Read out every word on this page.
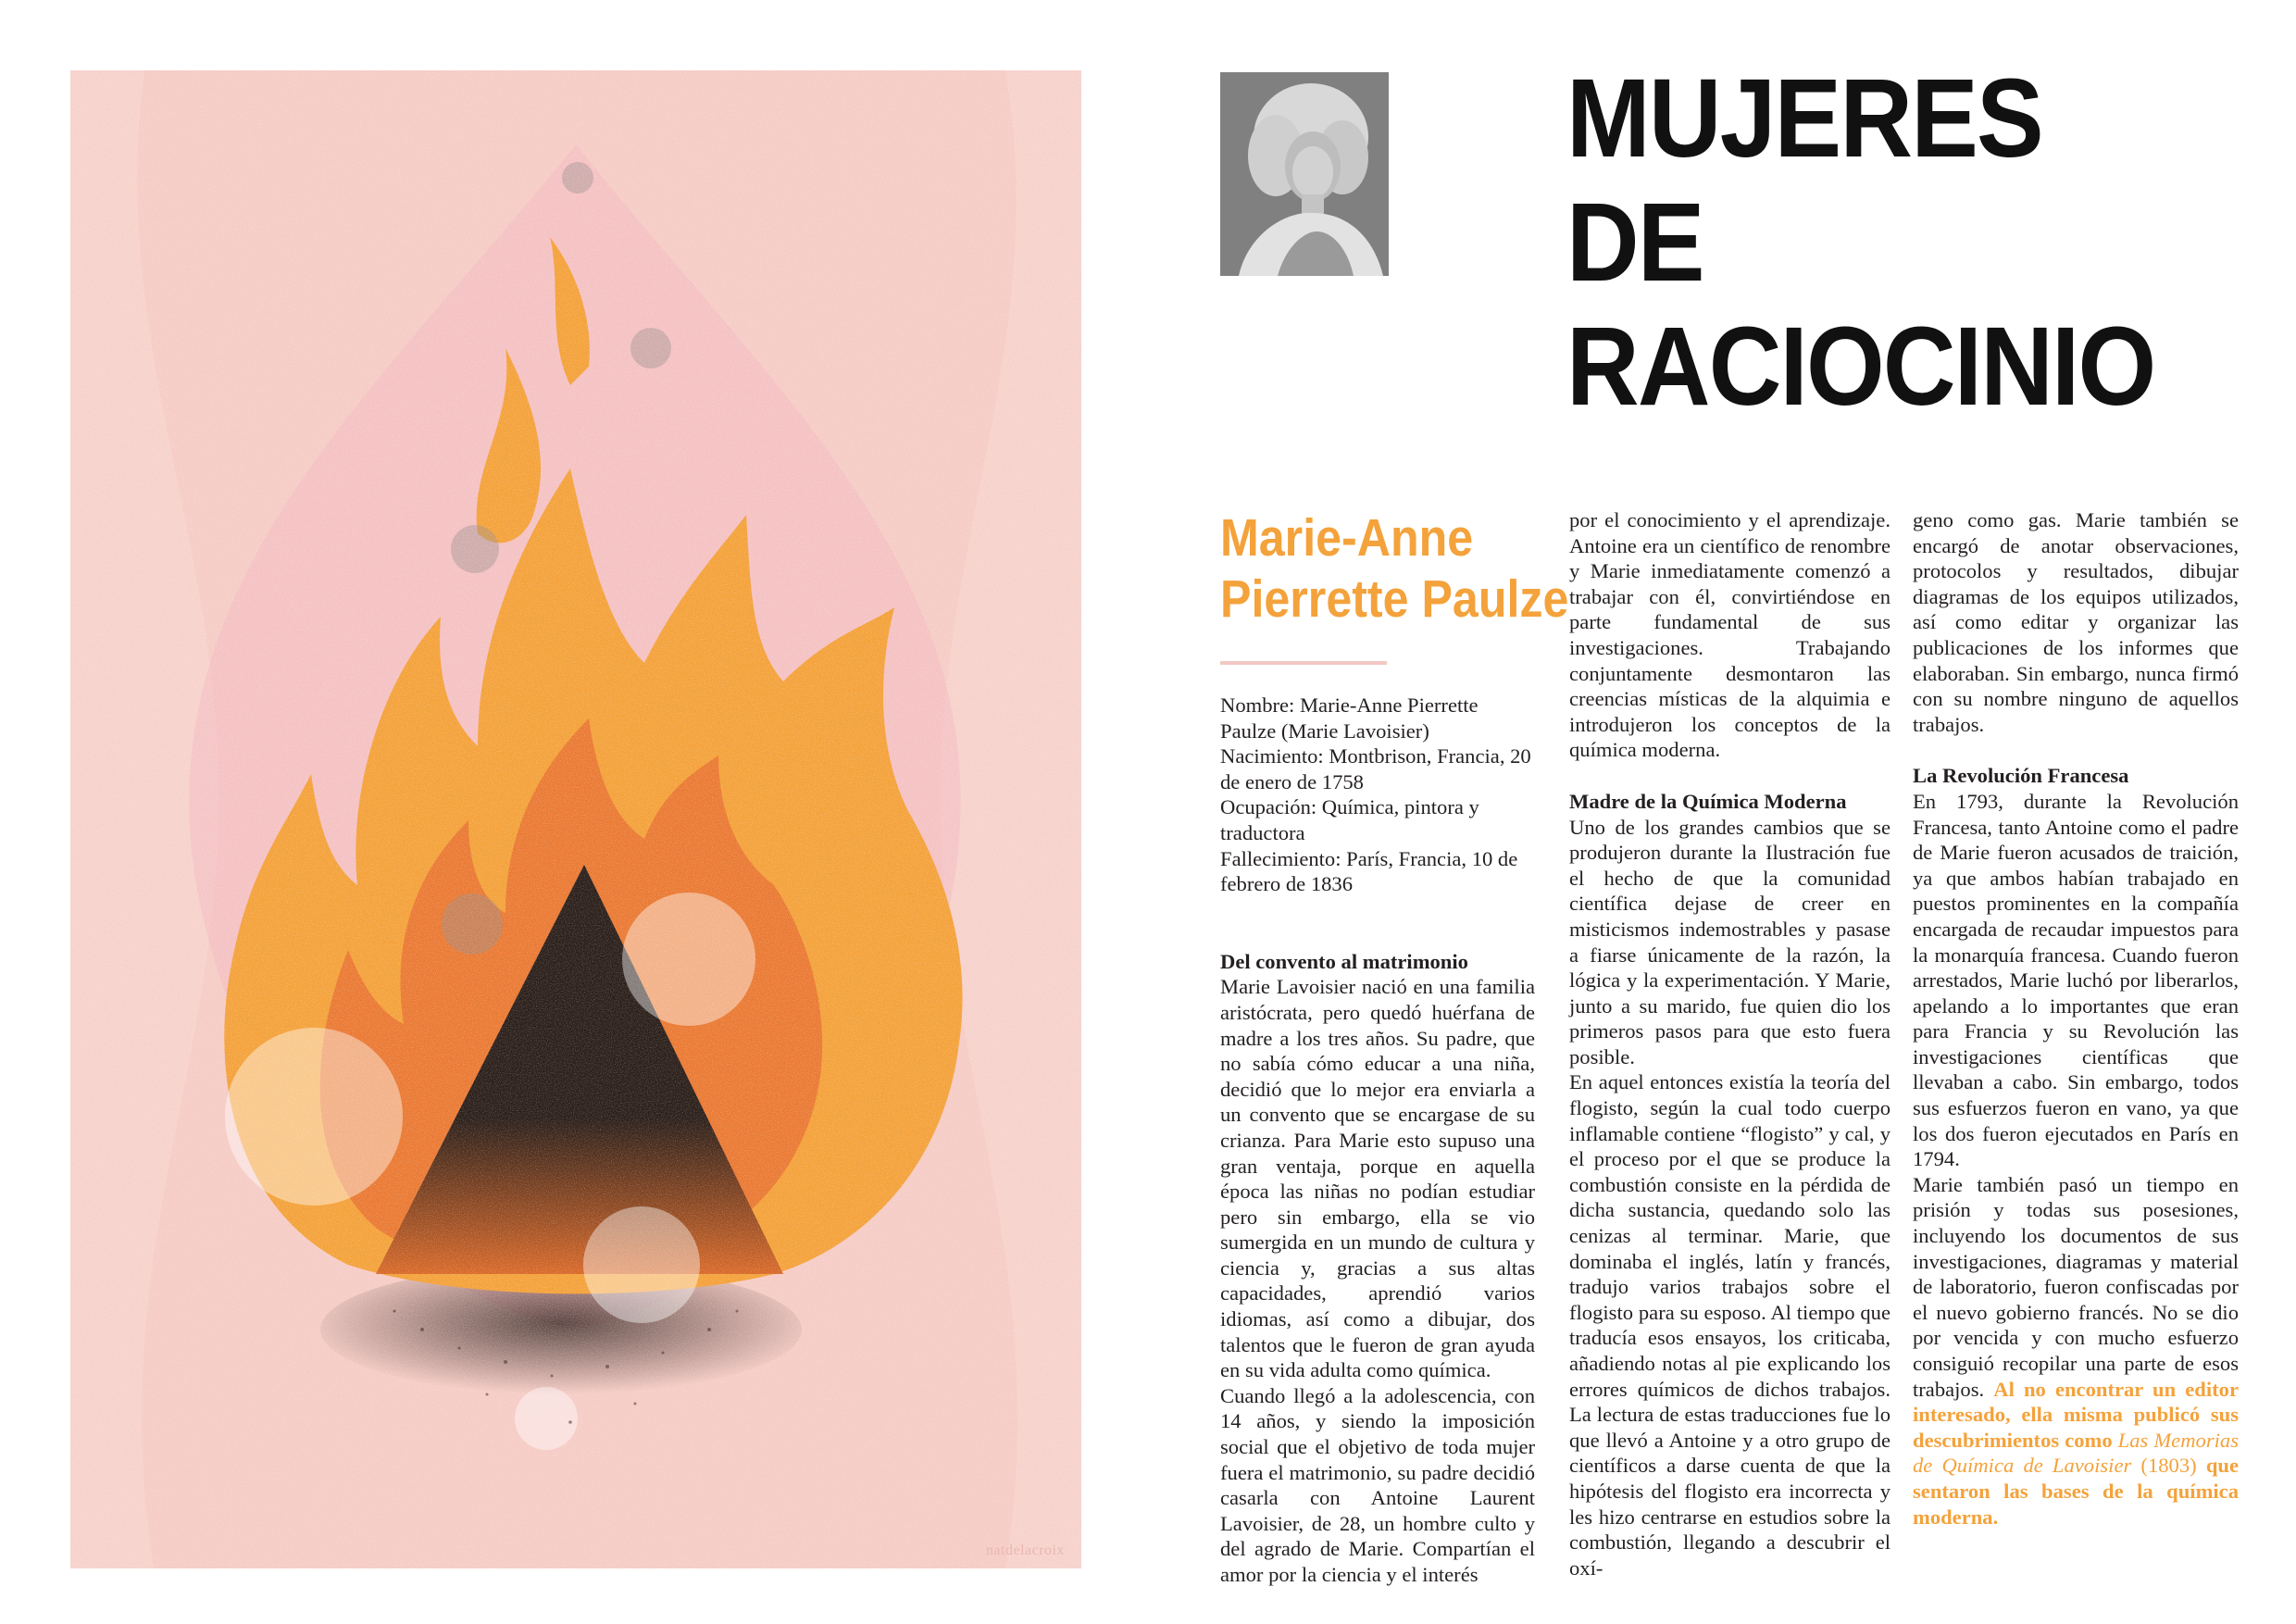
natdelacroix
MUJERES
DE RACIOCINIO
Marie-Anne
Pierrette Paulze

Nombre: Marie-Anne Pierrette Paulze (Marie Lavoisier)

Nacimiento: Montbrison, Francia, 20 de enero de 1758

Ocupación: Química, pintora y traductora

Fallecimiento: París, Francia, 10 de febrero de 1836

Del convento al matrimonio

Marie Lavoisier nació en una familia aristócrata, pero quedó huérfana de madre a los tres años. Su padre, que no sabía cómo educar a una niña, decidió que lo mejor era enviarla a un convento que se encargase de su crianza. Para Marie esto supuso una gran ventaja, porque en aquella época las niñas no podían estudiar pero sin embargo, ella se vio sumergida en un mundo de cultura y ciencia y, gracias a sus altas capacidades, aprendió varios idiomas, así como a dibujar, dos talentos que le fueron de gran ayuda en su vida adulta como química.

Cuando llegó a la adolescencia, con 14 años, y siendo la imposición social que el objetivo de toda mujer fuera el matrimonio, su padre decidió casarla con Antoine Laurent Lavoisier, de 28, un hombre culto y del agrado de Marie. Compartían el amor por la ciencia y el interés

por el conocimiento y el aprendizaje. Antoine era un científico de renombre y Marie inmediatamente comenzó a trabajar con él, convirtiéndose en parte fundamental de sus investigaciones. Trabajando conjuntamente desmontaron las creencias místicas de la alquimia e introdujeron los conceptos de la química moderna.

Madre de la Química Moderna

Uno de los grandes cambios que se produjeron durante la Ilustración fue el hecho de que la comunidad científica dejase de creer en misticismos indemostrables y pasase a fiarse únicamente de la razón, la lógica y la experimentación. Y Marie, junto a su marido, fue quien dio los primeros pasos para que esto fuera posible.

En aquel entonces existía la teoría del flogisto, según la cual todo cuerpo inflamable contiene “flogisto” y cal, y el proceso por el que se produce la combustión consiste en la pérdida de dicha sustancia, quedando solo las cenizas al terminar. Marie, que dominaba el inglés, latín y francés, tradujo varios trabajos sobre el flogisto para su esposo. Al tiempo que traducía esos ensayos, los criticaba, añadiendo notas al pie explicando los errores químicos de dichos trabajos. La lectura de estas traducciones fue lo que llevó a Antoine y a otro grupo de científicos a darse cuenta de que la hipótesis del flogisto era incorrecta y les hizo centrarse en estudios sobre la combustión, llegando a descubrir el oxí-

geno como gas. Marie también se encargó de anotar observaciones, protocolos y resultados, dibujar diagramas de los equipos utilizados, así como editar y organizar las publicaciones de los informes que elaboraban. Sin embargo, nunca firmó con su nombre ninguno de aquellos trabajos.

La Revolución Francesa

En 1793, durante la Revolución Francesa, tanto Antoine como el padre de Marie fueron acusados de traición, ya que ambos habían trabajado en puestos prominentes en la compañía encargada de recaudar impuestos para la monarquía francesa. Cuando fueron arrestados, Marie luchó por liberarlos, apelando a lo importantes que eran para Francia y su Revolución las investigaciones científicas que llevaban a cabo. Sin embargo, todos sus esfuerzos fueron en vano, ya que los dos fueron ejecutados en París en 1794.

Marie también pasó un tiempo en prisión y todas sus posesiones, incluyendo los documentos de sus investigaciones, diagramas y material de laboratorio, fueron confiscadas por el nuevo gobierno francés. No se dio por vencida y con mucho esfuerzo consiguió recopilar una parte de esos trabajos. Al no encontrar un editor interesado, ella misma publicó sus descubrimientos como Las Memorias de Química de Lavoisier (1803) que sentaron las bases de la química moderna.
